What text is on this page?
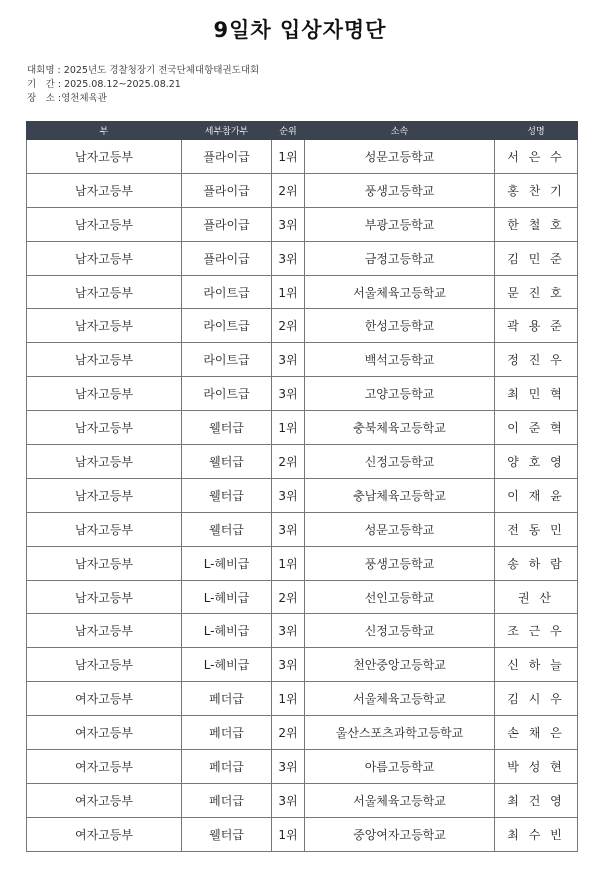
9일차 입상자명단
대회명 : 2025년도 경찰청장기 전국단체대항태권도대회
기　간 : 2025.08.12~2025.08.21
장　소 :영천체육관
부	세부참가부	순위	소속	성명
남자고등부	플라이급	1위	성문고등학교	서 은 수
남자고등부	플라이급	2위	풍생고등학교	홍 찬 기
남자고등부	플라이급	3위	부광고등학교	한 철 호
남자고등부	플라이급	3위	금정고등학교	김 민 준
남자고등부	라이트급	1위	서울체육고등학교	문 진 호
남자고등부	라이트급	2위	한성고등학교	곽 용 준
남자고등부	라이트급	3위	백석고등학교	정 진 우
남자고등부	라이트급	3위	고양고등학교	최 민 혁
남자고등부	웰터급	1위	충북체육고등학교	이 준 혁
남자고등부	웰터급	2위	신정고등학교	양 호 영
남자고등부	웰터급	3위	충남체육고등학교	이 재 윤
남자고등부	웰터급	3위	성문고등학교	전 동 민
남자고등부	L-헤비급	1위	풍생고등학교	송 하 람
남자고등부	L-헤비급	2위	선인고등학교	권 산
남자고등부	L-헤비급	3위	신정고등학교	조 근 우
남자고등부	L-헤비급	3위	천안중앙고등학교	신 하 늘
여자고등부	페더급	1위	서울체육고등학교	김 시 우
여자고등부	페더급	2위	울산스포츠과학고등학교	손 채 은
여자고등부	페더급	3위	아름고등학교	박 성 현
여자고등부	페더급	3위	서울체육고등학교	최 건 영
여자고등부	웰터급	1위	중앙여자고등학교	최 수 빈
